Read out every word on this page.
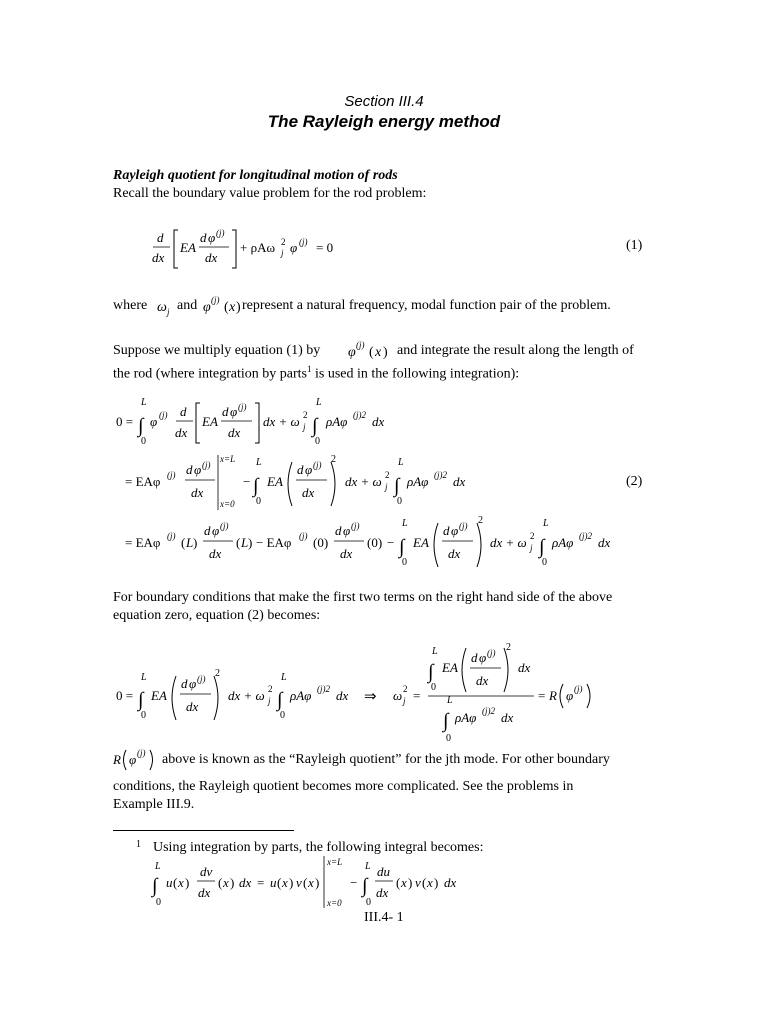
Section III.4
The Rayleigh energy method
Rayleigh quotient for longitudinal motion of rods
Recall the boundary value problem for the rod problem:
d
dx
EA
d φ (j)
dx
+ ρAω 2
j φ (j) = 0	(1)
where ω j and φ (j) ( x ) represent a natural frequency, modal function pair of the problem.
Suppose we multiply equation (1) by φ (j) ( x ) and integrate the result along the length of
the rod (where integration by parts$^1$ is used in the following integration):
0 =
L
∫
0
φ (j) d
dx
EA
d φ (j)
dx
dx + ω 2
j
L
∫
0
ρAφ (j)2 dx
= EAφ (j) d φ (j)
dx
x=L
x=0
−
L
∫
0
EA
d φ (j)
dx
2
dx + ω 2
j
L
∫
0
ρAφ (j)2 dx
= EAφ (j) ( L )
d φ (j)
dx
( L ) − EAφ (j) (0)
d φ (j)
dx
(0) −
L
∫
0
EA
d φ (j)
dx
2
dx + ω 2
j
L
∫
0
ρAφ (j)2 dx
(2)
For boundary conditions that make the first two terms on the right hand side of the above
equation zero, equation (2) becomes:
0 =
L
∫
0
EA
d φ (j)
dx
2
dx + ω 2
j
L
∫
0
ρAφ (j)2 dx ⇒ ω 2
j =
L
∫
0
EA
d φ (j)
dx
2
dx
L
∫
0
ρAφ (j)2 dx
= R φ (j)
R φ (j) above is known as the “Rayleigh quotient” for the jth mode. For other boundary
conditions, the Rayleigh quotient becomes more complicated. See the problems in
Example III.9.
1 Using integration by parts, the following integral becomes:
L
∫
0
u ( x )
dv
dx
( x ) dx = u ( x ) v ( x )
x=L
x=0
−
L
∫
0
du
dx
( x ) v ( x ) dx
III.4- 1
